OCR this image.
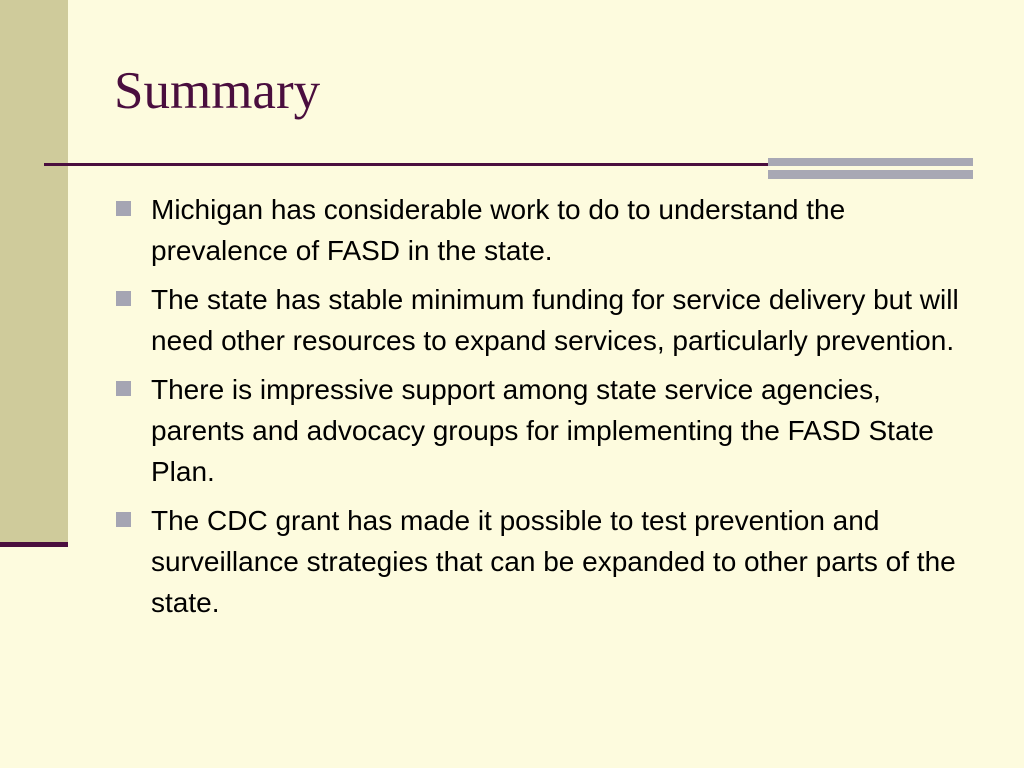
Summary
Michigan has considerable work to do to understand the prevalence of FASD in the state.
The state has stable minimum funding for service delivery but will need other resources to expand services, particularly prevention.
There is impressive support among state service agencies, parents and advocacy groups for implementing the FASD State Plan.
The CDC grant has made it possible to test prevention and surveillance strategies that can be expanded to other parts of the state.
